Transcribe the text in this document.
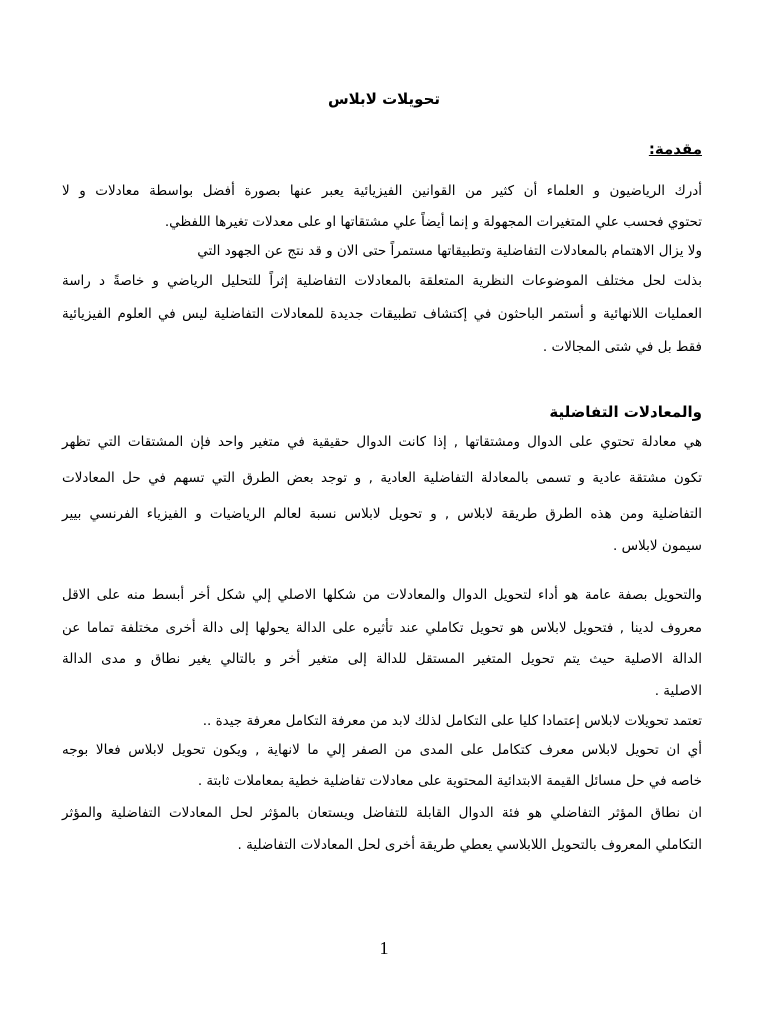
تحويلات لابلاس
مقدمة:
أدرك الرياضيون و العلماء أن كثير من القوانين الفيزيائية يعبر عنها بصورة أفضل بواسطة معادلات و لا
تحتوي فحسب علي المتغيرات المجهولة و إنما أيضاً علي مشتقاتها او على معدلات تغيرها اللفظي.
ولا يزال الاهتمام بالمعادلات التفاضلية وتطبيقاتها مستمراً حتى الان و قد نتج عن الجهود التي
بذلت لحل مختلف الموضوعات النظرية المتعلقة بالمعادلات التفاضلية إثراً للتحليل الرياضي و خاصةً د راسة
العمليات اللانهائية و أستمر الباحثون في إكتشاف تطبيقات جديدة للمعادلات التفاضلية ليس في العلوم الفيزيائية
فقط بل في شتى المجالات .
والمعادلات التفاضلية
هي معادلة تحتوي على الدوال ومشتقاتها , إذا كانت الدوال حقيقية في متغير واحد فإن المشتقات التي تظهر
تكون مشتقة عادية و تسمى بالمعادلة التفاضلية العادية , و توجد بعض الطرق التي تسهم في حل المعادلات
التفاضلية ومن هذه الطرق طريقة لابلاس , و تحويل لابلاس نسبة لعالم الرياضيات و الفيزياء الفرنسي بيير
سيمون لابلاس .
والتحويل بصفة عامة هو أداء لتحويل الدوال والمعادلات من شكلها الاصلي إلي شكل أخر أبسط منه على الاقل
معروف لدينا , فتحويل لابلاس هو تحويل تكاملي عند تأثيره على الدالة يحولها إلى دالة أخرى مختلفة تماما عن
الدالة الاصلية حيث يتم تحويل المتغير المستقل للدالة إلى متغير أخر و بالتالي يغير نطاق و مدى الدالة
الاصلية .
تعتمد تحويلات لابلاس إعتمادا كليا على التكامل لذلك لابد من معرفة التكامل معرفة جيدة ..
أي ان تحويل لابلاس معرف كتكامل على المدى من الصفر إلي ما لانهاية , ويكون تحويل لابلاس فعالا بوجه
خاصه في حل مسائل القيمة الابتدائية المحتوية على معادلات تفاضلية خطية بمعاملات ثابتة .
ان نطاق المؤثر التفاضلي هو فئة الدوال القابلة للتفاضل ويستعان بالمؤثر لحل المعادلات التفاضلية والمؤثر
التكاملي المعروف بالتحويل اللابلاسي يعطي طريقة أخرى لحل المعادلات التفاضلية .
1
